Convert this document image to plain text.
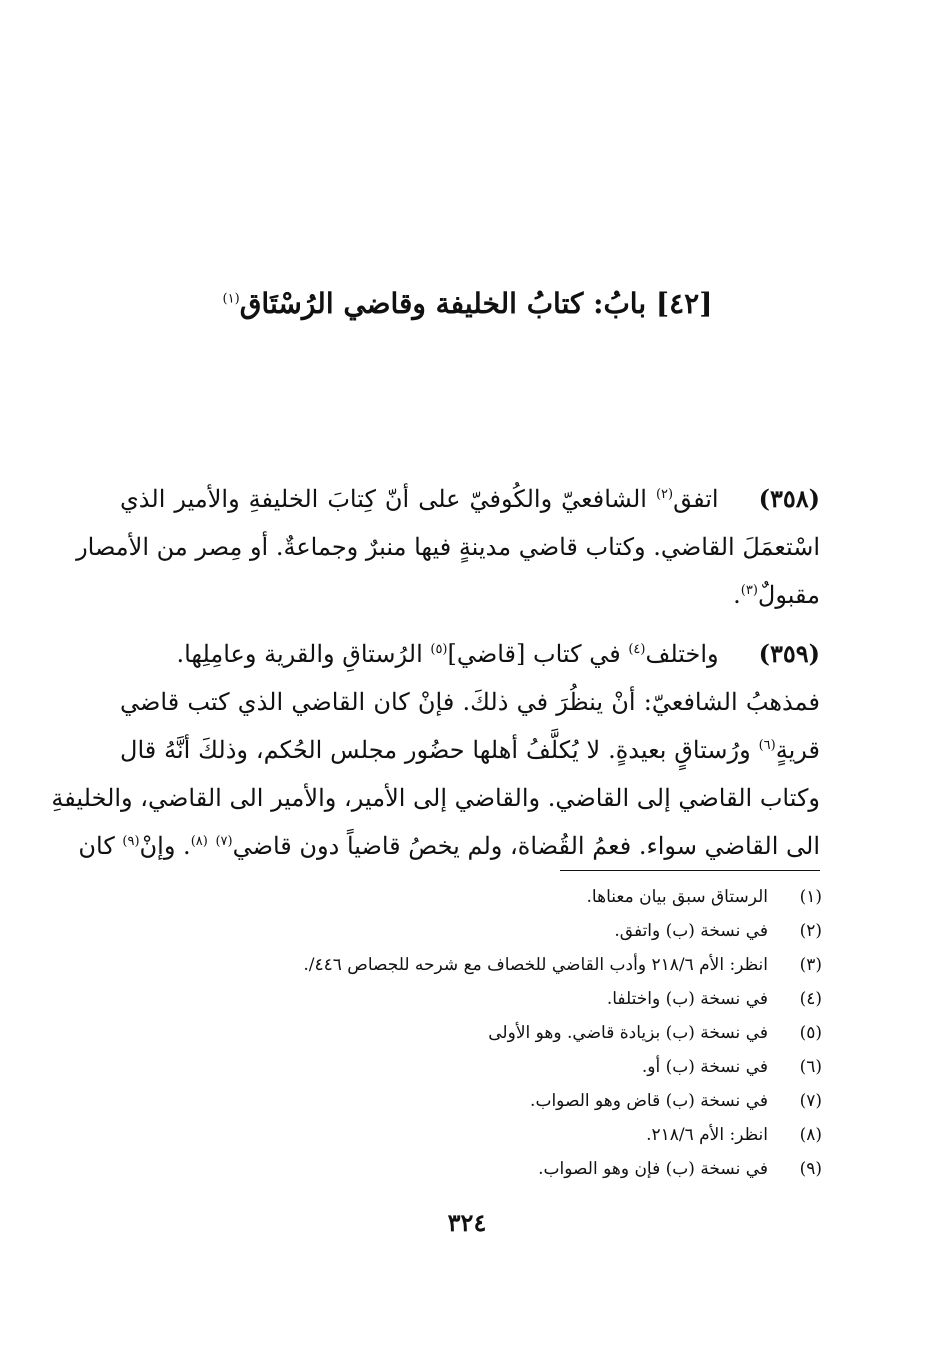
[٤٢] بابُ: كتابُ الخليفة وقاضي الرُسْتَاق$^{(١)}$
(٣٥٨)اتفق$^{(٢)}$ الشافعيّ والكُوفيّ على أنّ كِتابَ الخليفةِ والأمير الذي
اسْتعمَلَ القاضي. وكتاب قاضي مدينةٍ فيها منبرٌ وجماعةٌ. أو مِصر من الأمصار
مقبولٌ$^{(٣)}$.
(٣٥٩)واختلف$^{(٤)}$ في كتاب [قاضي]$^{(٥)}$ الرُستاقِ والقرية وعامِلِها.
فمذهبُ الشافعيّ: أنْ ينظُرَ في ذلكَ. فإنْ كان القاضي الذي كتب قاضي
قريةٍ$^{(٦)}$ ورُستاقٍ بعيدةٍ. لا يُكلَّفُ أهلها حضُور مجلس الحُكم، وذلكَ أنَّهُ قال
وكتاب القاضي إلى القاضي. والقاضي إلى الأمير، والأمير الى القاضي، والخليفةِ
الى القاضي سواء. فعمُ القُضاة، ولم يخصُ قاضياً دون قاضي$^{(٧)}$ $^{(٨)}$. وإنْ$^{(٩)}$ كان
(١)
الرستاق سبق بيان معناها.
(٢)
في نسخة (ب) واتفق.
(٣)
انظر: الأم ٢١٨/٦ وأدب القاضي للخصاف مع شرحه للجصاص ٤٤٦/.
(٤)
في نسخة (ب) واختلفا.
(٥)
في نسخة (ب) بزيادة قاضي. وهو الأولى
(٦)
في نسخة (ب) أو.
(٧)
في نسخة (ب) قاض وهو الصواب.
(٨)
انظر: الأم ٢١٨/٦.
(٩)
في نسخة (ب) فإن وهو الصواب.
٣٢٤
